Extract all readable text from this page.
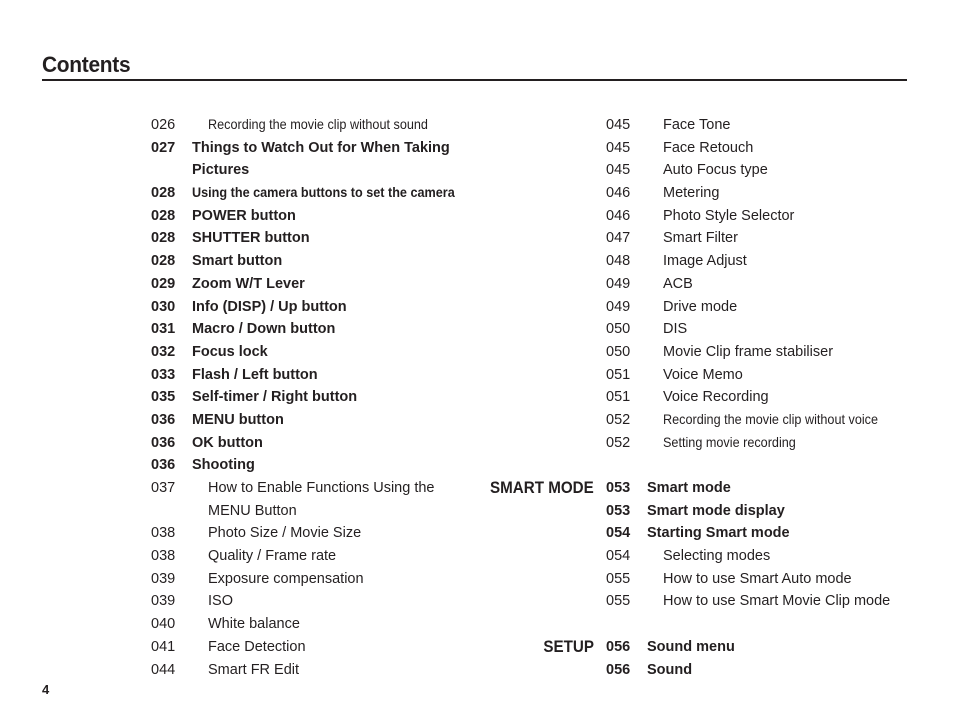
Contents
026 Recording the movie clip without sound
027 Things to Watch Out for When Taking
Pictures
028 Using the camera buttons to set the camera
028 POWER button
028 SHUTTER button
028 Smart button
029 Zoom W/T Lever
030 Info (DISP) / Up button
031 Macro / Down button
032 Focus lock
033 Flash / Left button
035 Self-timer / Right button
036 MENU button
036 OK button
036 Shooting
037 How to Enable Functions Using the
MENU Button
038 Photo Size / Movie Size
038 Quality / Frame rate
039 Exposure compensation
039 ISO
040 White balance
041 Face Detection
044 Smart FR Edit
045 Face Tone
045 Face Retouch
045 Auto Focus type
046 Metering
046 Photo Style Selector
047 Smart Filter
048 Image Adjust
049 ACB
049 Drive mode
050 DIS
050 Movie Clip frame stabiliser
051 Voice Memo
051 Voice Recording
052 Recording the movie clip without voice
052 Setting movie recording
053 Smart mode
SMART MODE
053 Smart mode display
054 Starting Smart mode
054 Selecting modes
055 How to use Smart Auto mode
055 How to use Smart Movie Clip mode
056 Sound menu
SETUP
056 Sound
4
